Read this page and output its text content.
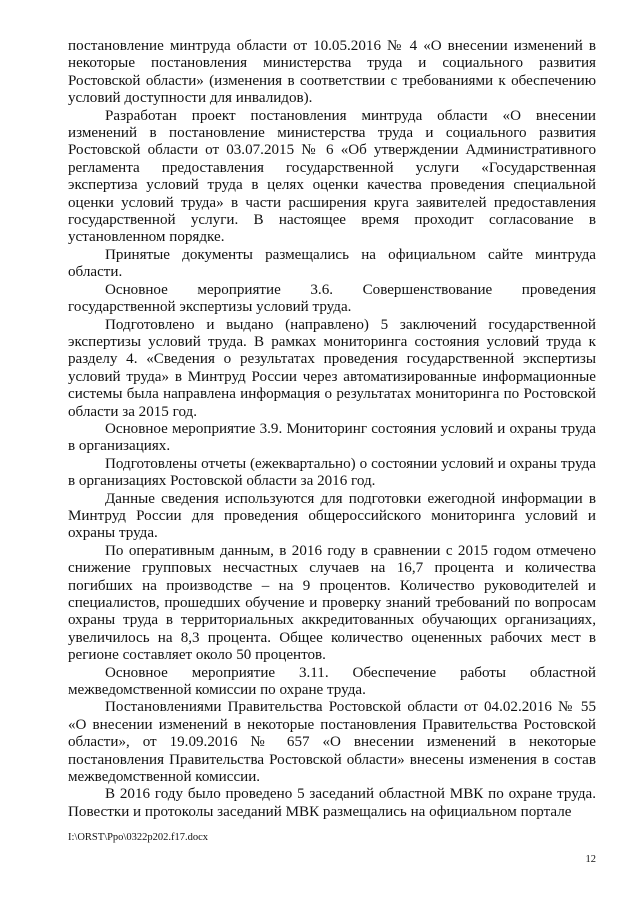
постановление минтруда области от 10.05.2016 № 4 «О внесении изменений в некоторые постановления министерства труда и социального развития Ростовской области» (изменения в соответствии с требованиями к обеспечению условий доступности для инвалидов).

Разработан проект постановления минтруда области «О внесении изменений в постановление министерства труда и социального развития Ростовской области от 03.07.2015 № 6 «Об утверждении Административного регламента предоставления государственной услуги «Государственная экспертиза условий труда в целях оценки качества проведения специальной оценки условий труда» в части расширения круга заявителей предоставления государственной услуги. В настоящее время проходит согласование в установленном порядке.

Принятые документы размещались на официальном сайте минтруда области.

Основное мероприятие 3.6. Совершенствование проведения государственной экспертизы условий труда.

Подготовлено и выдано (направлено) 5 заключений государственной экспертизы условий труда. В рамках мониторинга состояния условий труда к разделу 4. «Сведения о результатах проведения государственной экспертизы условий труда» в Минтруд России через автоматизированные информационные системы была направлена информация о результатах мониторинга по Ростовской области за 2015 год.

Основное мероприятие 3.9. Мониторинг состояния условий и охраны труда в организациях.

Подготовлены отчеты (ежеквартально) о состоянии условий и охраны труда в организациях Ростовской области за 2016 год.

Данные сведения используются для подготовки ежегодной информации в Минтруд России для проведения общероссийского мониторинга условий и охраны труда.

По оперативным данным, в 2016 году в сравнении с 2015 годом отмечено снижение групповых несчастных случаев на 16,7 процента и количества погибших на производстве – на 9 процентов. Количество руководителей и специалистов, прошедших обучение и проверку знаний требований по вопросам охраны труда в территориальных аккредитованных обучающих организациях, увеличилось на 8,3 процента. Общее количество оцененных рабочих мест в регионе составляет около 50 процентов.

Основное мероприятие 3.11. Обеспечение работы областной межведомственной комиссии по охране труда.

Постановлениями Правительства Ростовской области от 04.02.2016 № 55 «О внесении изменений в некоторые постановления Правительства Ростовской области», от 19.09.2016 № 657 «О внесении изменений в некоторые постановления Правительства Ростовской области» внесены изменения в состав межведомственной комиссии.

В 2016 году было проведено 5 заседаний областной МВК по охране труда. Повестки и протоколы заседаний МВК размещались на официальном портале

I:\ORST\Ppo\0322p202.f17.docx
12
